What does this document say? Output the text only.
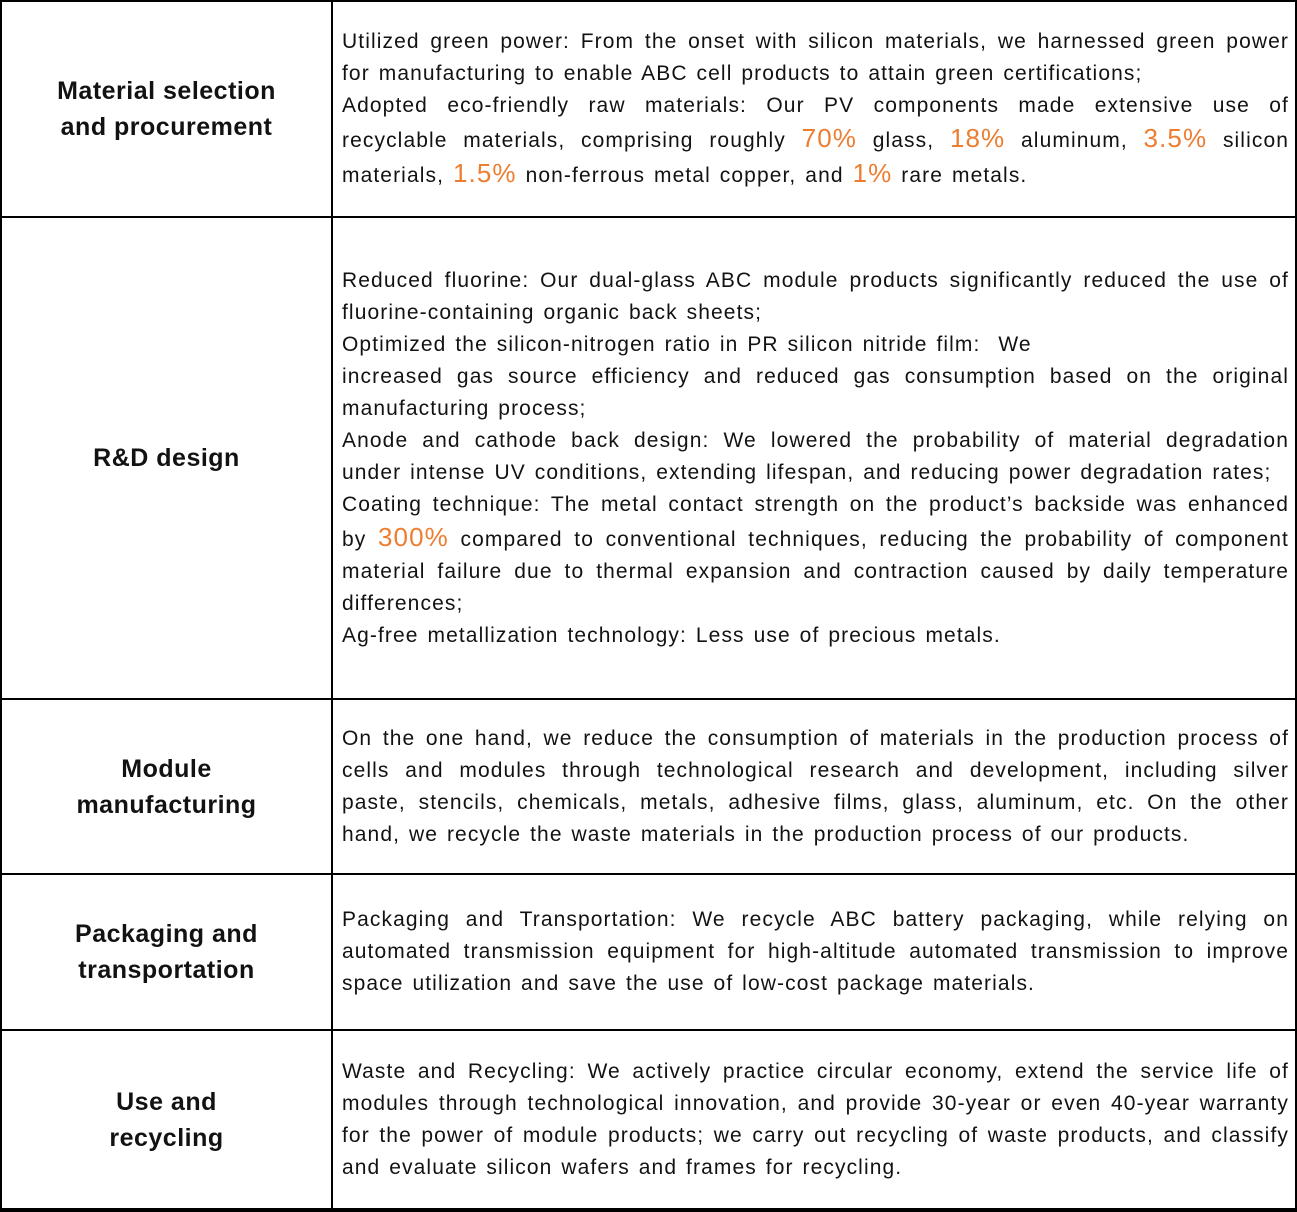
Material selection
and procurement

Utilized green power: From the onset with silicon materials, we harnessed green power for manufacturing to enable ABC cell products to attain green certifications;

Adopted eco-friendly raw materials: Our PV components made extensive use of recyclable materials, comprising roughly 70% glass, 18% aluminum, 3.5% silicon materials, 1.5% non-ferrous metal copper, and 1% rare metals.

R&D design

Reduced fluorine: Our dual-glass ABC module products significantly reduced the use of fluorine-containing organic back sheets;

Optimized the silicon-nitrogen ratio in PR silicon nitride film:  We
increased gas source efficiency and reduced gas consumption based on the original manufacturing process;

Anode and cathode back design: We lowered the probability of material degradation under intense UV conditions, extending lifespan, and reducing power degradation rates;

Coating technique: The metal contact strength on the product’s backside was enhanced by 300% compared to conventional techniques, reducing the probability of component material failure due to thermal expansion and contraction caused by daily temperature differences;

Ag-free metallization technology: Less use of precious metals.

Module
manufacturing

On the one hand, we reduce the consumption of materials in the production process of cells and modules through technological research and development, including silver paste, stencils, chemicals, metals, adhesive films, glass, aluminum, etc. On the other hand, we recycle the waste materials in the production process of our products.

Packaging and
transportation

Packaging and Transportation: We recycle ABC battery packaging, while relying on automated transmission equipment for high-altitude automated transmission to improve space utilization and save the use of low-cost package materials.

Use and
recycling

Waste and Recycling: We actively practice circular economy, extend the service life of modules through technological innovation, and provide 30-year or even 40-year warranty for the power of module products; we carry out recycling of waste products, and classify and evaluate silicon wafers and frames for recycling.
